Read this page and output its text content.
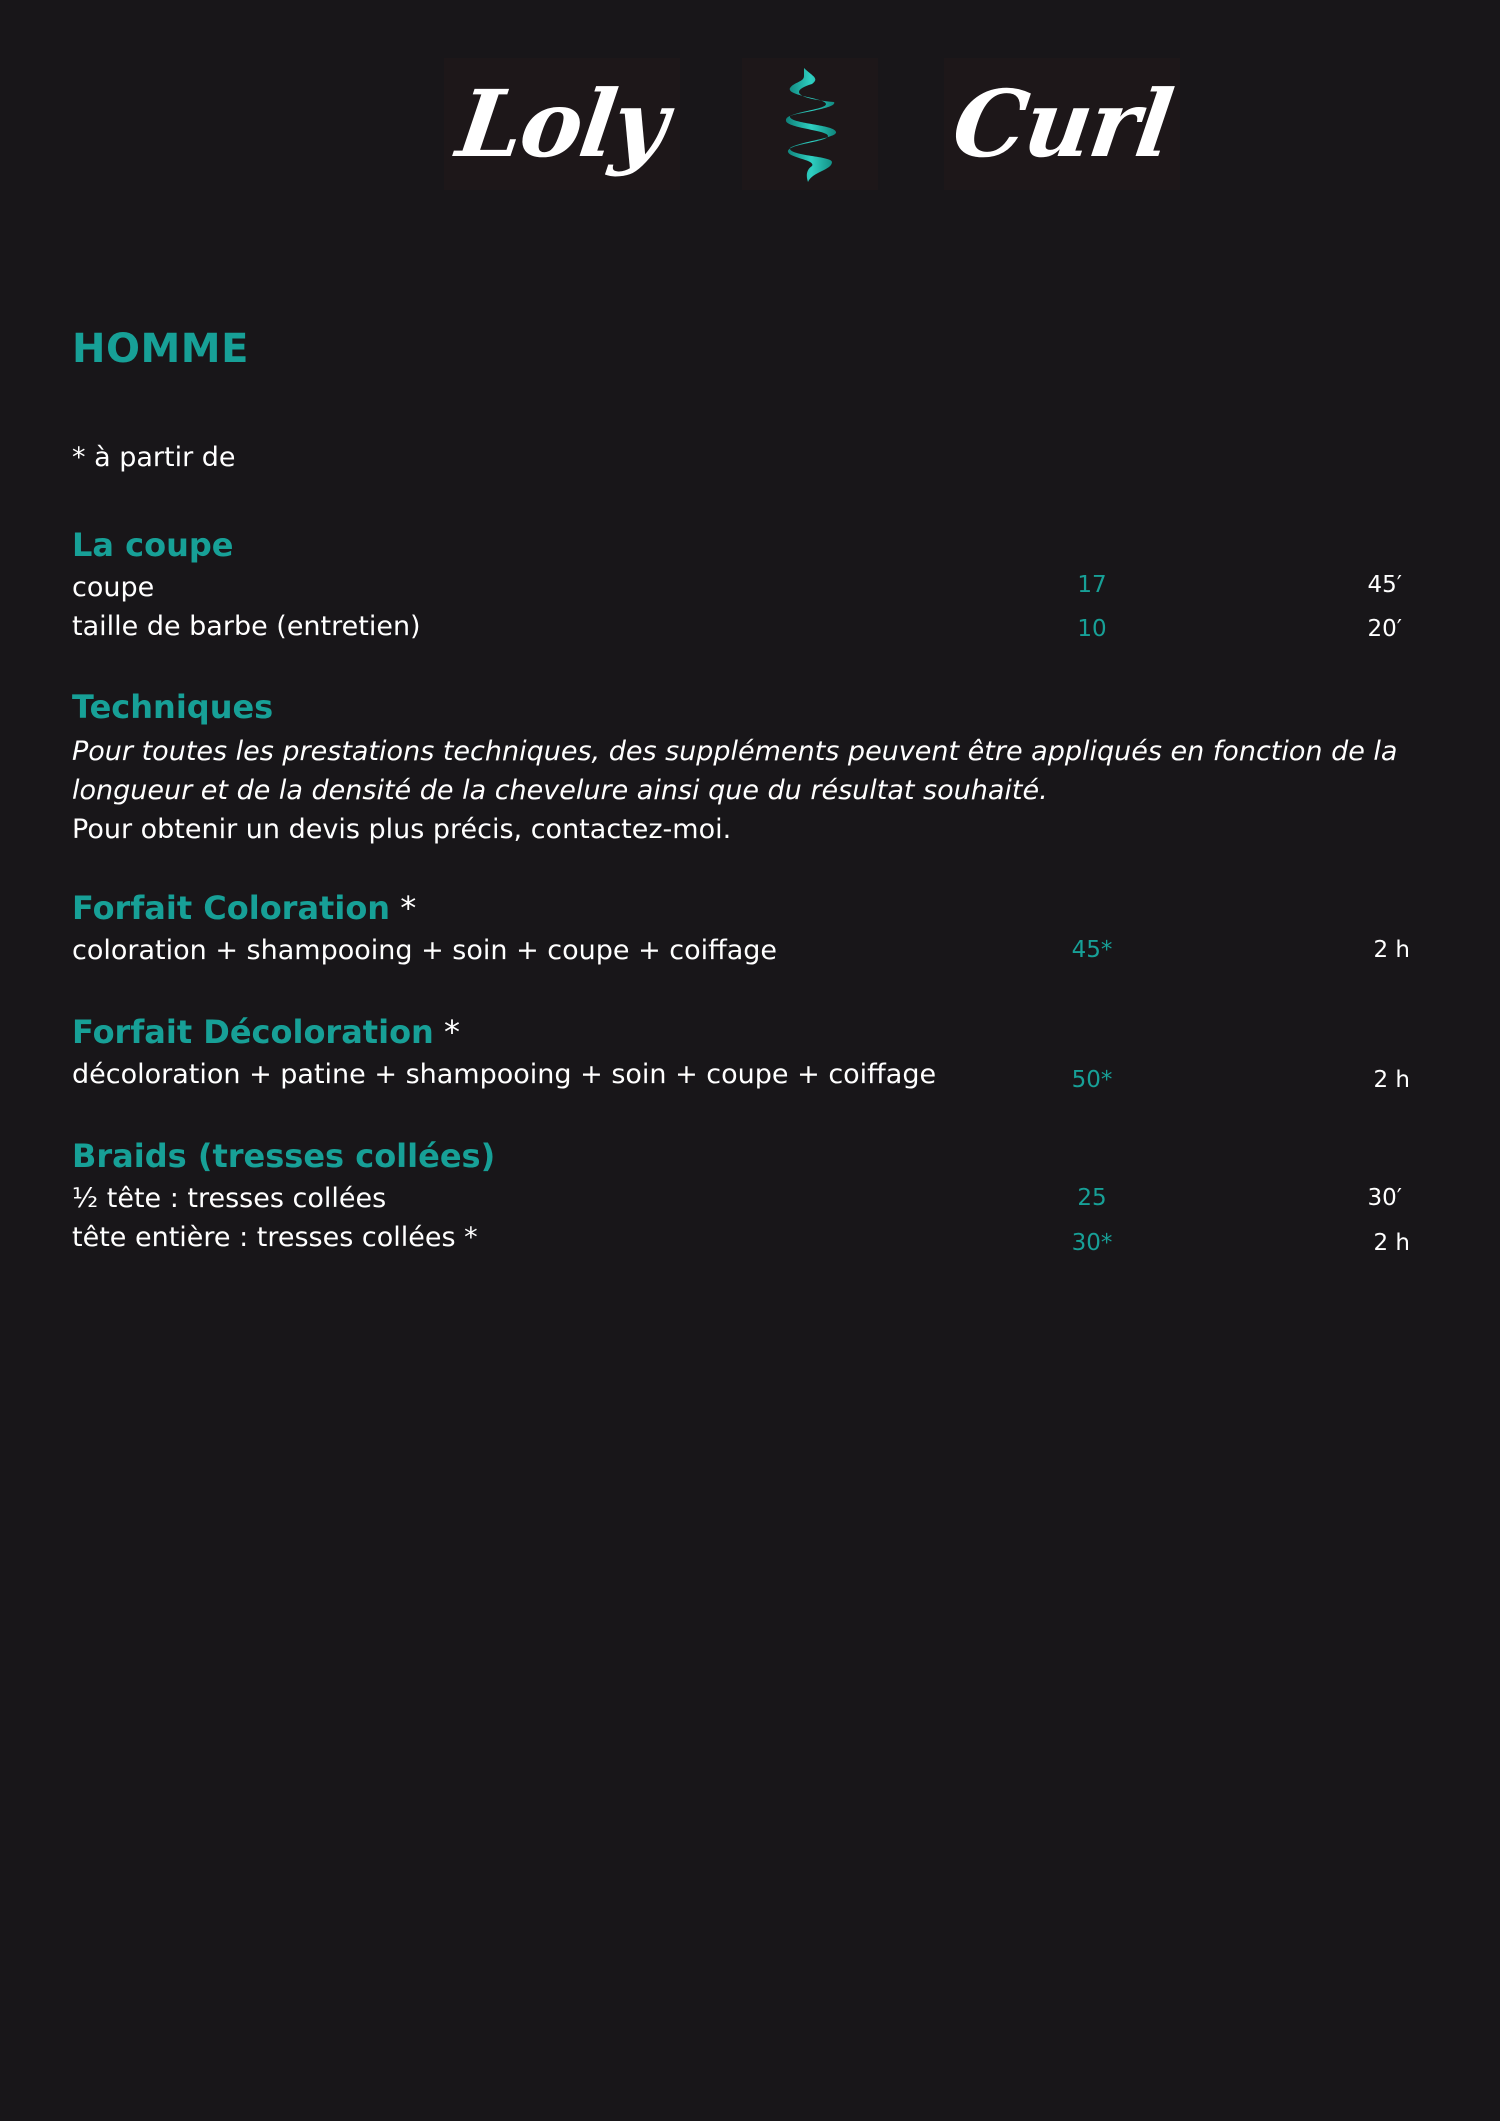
Loly	Curl
HOMME
* à partir de
La coupe
coupe	17	45′
taille de barbe (entretien)	10	20′
Techniques
Pour toutes les prestations techniques, des suppléments peuvent être appliqués en fonction de la longueur et de la densité de la chevelure ainsi que du résultat souhaité.
Pour obtenir un devis plus précis, contactez-moi.
Forfait Coloration *
coloration + shampooing + soin + coupe + coiffage	45*	2 h
Forfait Décoloration *
décoloration + patine + shampooing + soin + coupe + coiffage	50*	2 h
Braids (tresses collées)
½ tête : tresses collées	25	30′
tête entière : tresses collées *	30*	2 h
